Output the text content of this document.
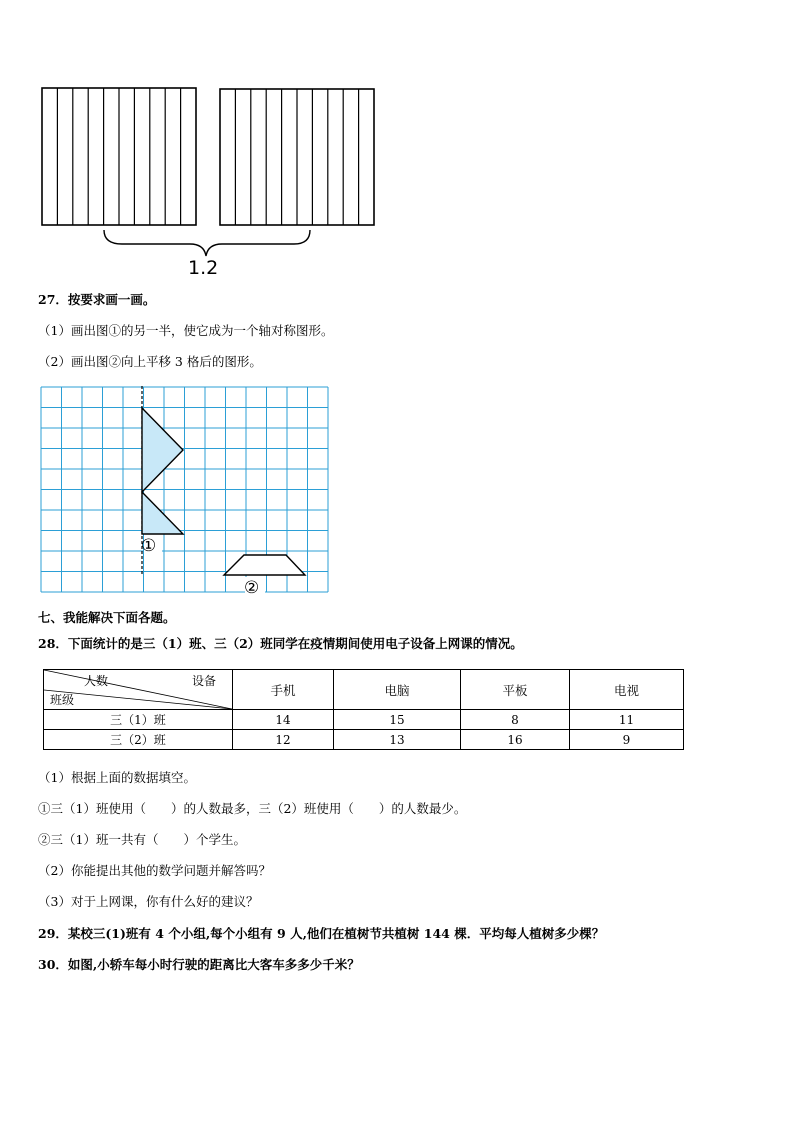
1.2
27．按要求画一画。
（1）画出图①的另一半，使它成为一个轴对称图形。
（2）画出图②向上平移 3 格后的图形。
①
②
七、我能解决下面各题。
28．下面统计的是三（1）班、三（2）班同学在疫情期间使用电子设备上网课的情况。
人数 设备
班级	手机	电脑	平板	电视
三（1）班	14	15	8	11
三（2）班	12	13	16	9
（1）根据上面的数据填空。
①三（1）班使用（　　）的人数最多，三（2）班使用（　　）的人数最少。
②三（1）班一共有（　　）个学生。
（2）你能提出其他的数学问题并解答吗？
（3）对于上网课，你有什么好的建议？
29．某校三(1)班有 4 个小组,每个小组有 9 人,他们在植树节共植树 144 棵．平均每人植树多少棵？
30．如图,小轿车每小时行驶的距离比大客车多多少千米？
